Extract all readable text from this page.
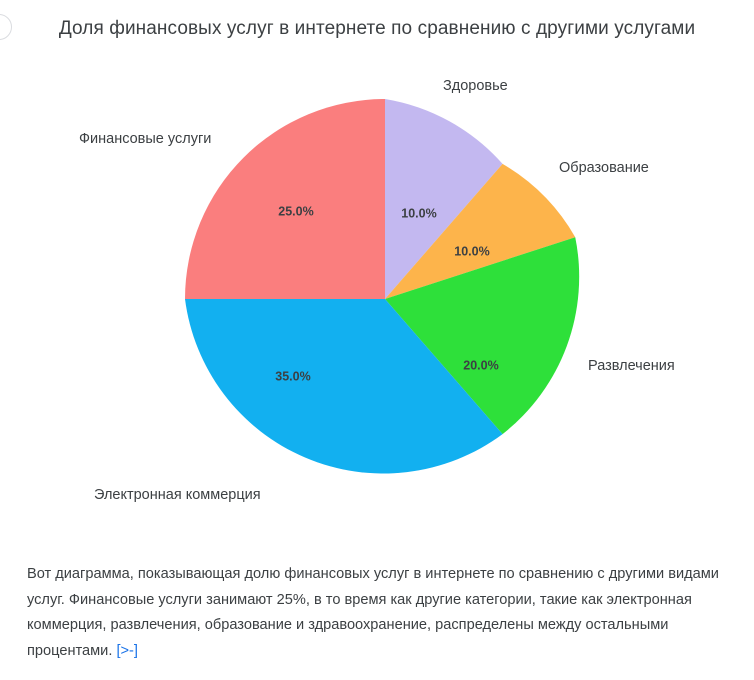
Доля финансовых услуг в интернете по сравнению с другими услугами
10.0%
10.0%
20.0%
35.0%
25.0%
Здоровье
Образование
Развлечения
Электронная коммерция
Финансовые услуги
Вот диаграмма, показывающая долю финансовых услуг в интернете по сравнению с другими видами услуг. Финансовые услуги занимают 25%, в то время как другие категории, такие как электронная коммерция, развлечения, образование и здравоохранение, распределены между остальными процентами. [>-]
